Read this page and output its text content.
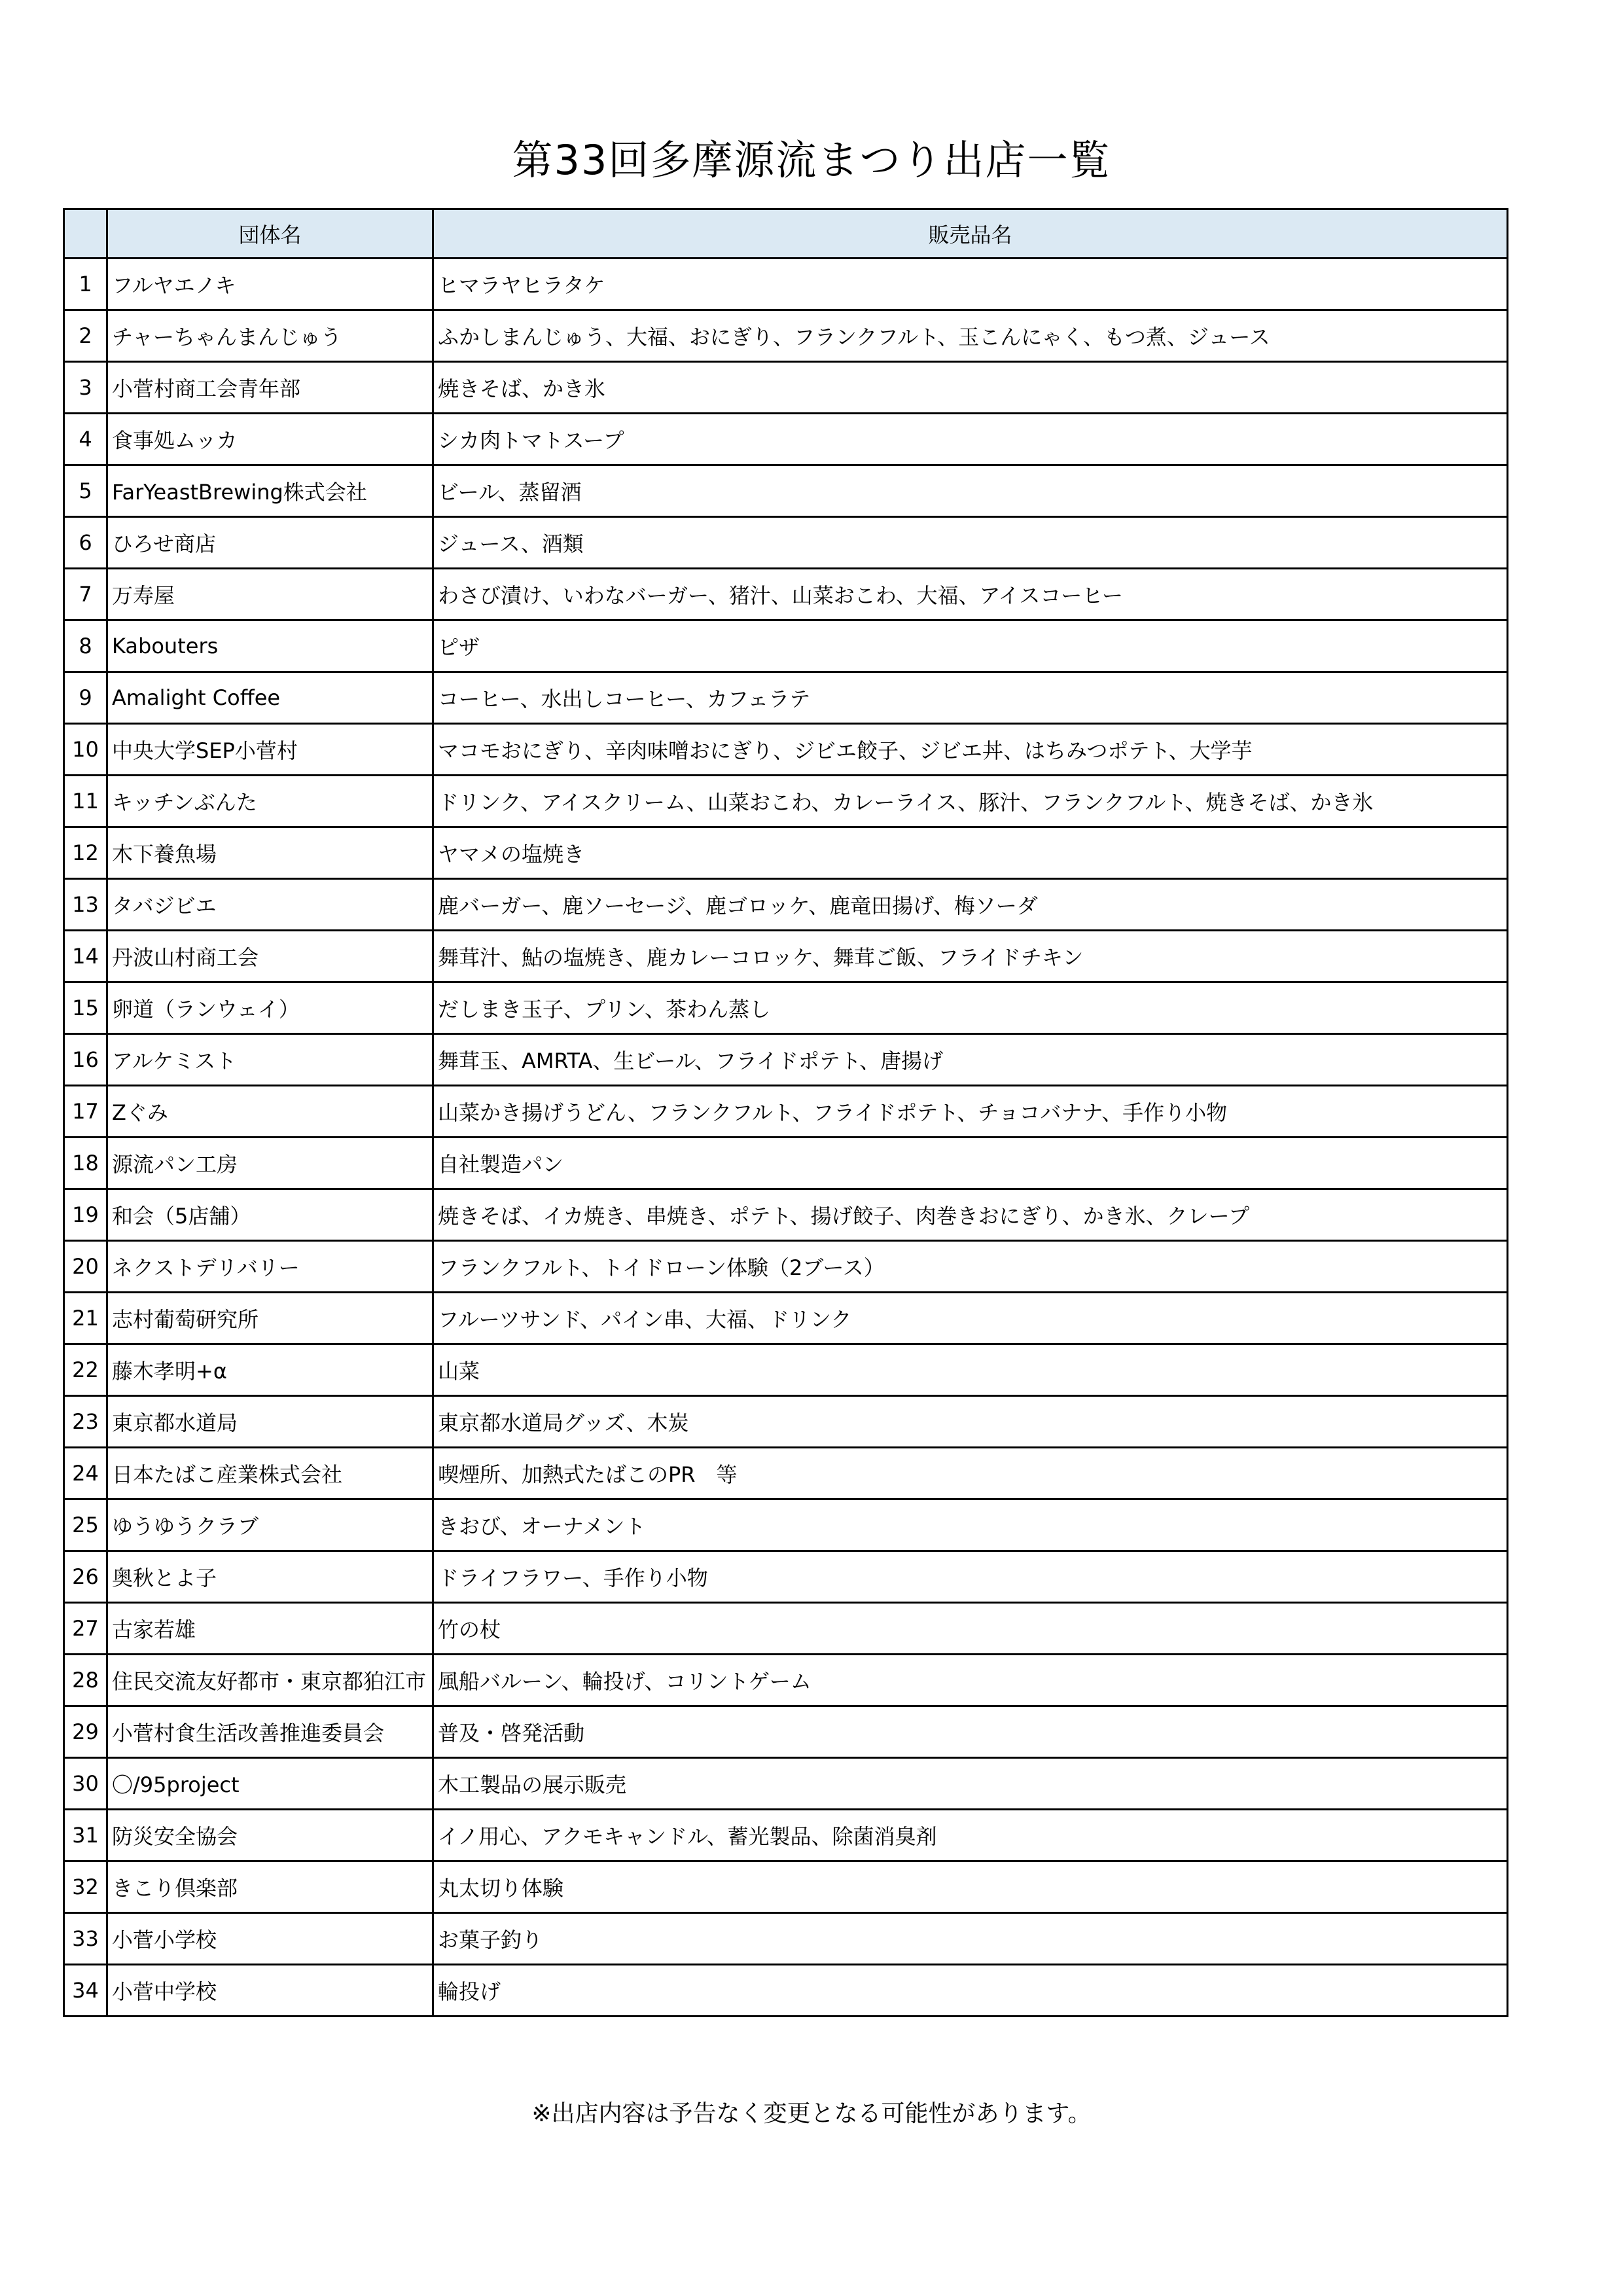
第33回多摩源流まつり出店一覧
	団体名	販売品名
1	フルヤエノキ	ヒマラヤヒラタケ
2	チャーちゃんまんじゅう	ふかしまんじゅう、大福、おにぎり、フランクフルト、玉こんにゃく、もつ煮、ジュース
3	小菅村商工会青年部	焼きそば、かき氷
4	食事処ムッカ	シカ肉トマトスープ
5	FarYeastBrewing株式会社	ビール、蒸留酒
6	ひろせ商店	ジュース、酒類
7	万寿屋	わさび漬け、いわなバーガー、猪汁、山菜おこわ、大福、アイスコーヒー
8	Kabouters	ピザ
9	Amalight Coffee	コーヒー、水出しコーヒー、カフェラテ
10	中央大学SEP小菅村	マコモおにぎり、辛肉味噌おにぎり、ジビエ餃子、ジビエ丼、はちみつポテト、大学芋
11	キッチンぶんた	ドリンク、アイスクリーム、山菜おこわ、カレーライス、豚汁、フランクフルト、焼きそば、かき氷
12	木下養魚場	ヤマメの塩焼き
13	タバジビエ	鹿バーガー、鹿ソーセージ、鹿ゴロッケ、鹿竜田揚げ、梅ソーダ
14	丹波山村商工会	舞茸汁、鮎の塩焼き、鹿カレーコロッケ、舞茸ご飯、フライドチキン
15	卵道（ランウェイ）	だしまき玉子、プリン、茶わん蒸し
16	アルケミスト	舞茸玉、AMRTA、生ビール、フライドポテト、唐揚げ
17	Zぐみ	山菜かき揚げうどん、フランクフルト、フライドポテト、チョコバナナ、手作り小物
18	源流パン工房	自社製造パン
19	和会（5店舗）	焼きそば、イカ焼き、串焼き、ポテト、揚げ餃子、肉巻きおにぎり、かき氷、クレープ
20	ネクストデリバリー	フランクフルト、トイドローン体験（2ブース）
21	志村葡萄研究所	フルーツサンド、パイン串、大福、ドリンク
22	藤木孝明+α	山菜
23	東京都水道局	東京都水道局グッズ、木炭
24	日本たばこ産業株式会社	喫煙所、加熱式たばこのPR　等
25	ゆうゆうクラブ	きおび、オーナメント
26	奥秋とよ子	ドライフラワー、手作り小物
27	古家若雄	竹の杖
28	住民交流友好都市・東京都狛江市	風船バルーン、輪投げ、コリントゲーム
29	小菅村食生活改善推進委員会	普及・啓発活動
30	〇/95project	木工製品の展示販売
31	防災安全協会	イノ用心、アクモキャンドル、蓄光製品、除菌消臭剤
32	きこり倶楽部	丸太切り体験
33	小菅小学校	お菓子釣り
34	小菅中学校	輪投げ
※出店内容は予告なく変更となる可能性があります。
